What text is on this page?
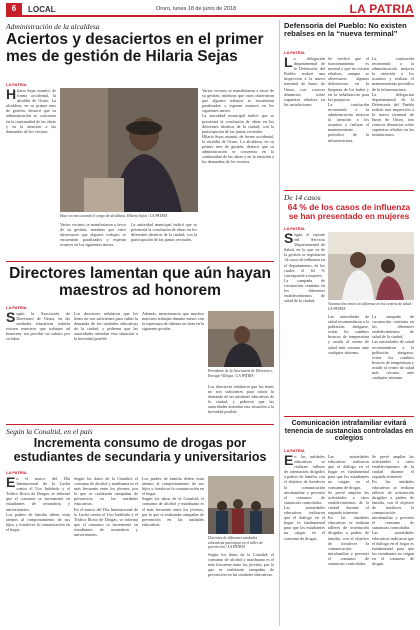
6	LOCAL	Oruro, lunes 18 de junio de 2018	LA PATRIA
Administración de la alcaldesa
Aciertos y desaciertos en el primer mes de gestión de Hilaria Sejas
LA PATRIA

Hilaria Sejas asumió, de forma accidental, la alcaldía de Oruro. La alcaldesa, en su primer mes de gestión, destacó que su administración se concentra en la continuidad de las obras y en la atención a las demandas de los vecinos.

Hace un mes asumió el cargo de alcaldesa, Hilaria Sejas / LA PATRIA

Varios vecinos se manifestaron a favor de su gestión, mientras que otros observaron que algunos trabajos se encuentran paralizados y esperan avances en los siguientes meses.

La autoridad municipal indicó que se priorizará la conclusión de obras en los diferentes distritos de la ciudad, con la participación de las juntas vecinales.

Varios vecinos se manifestaron a favor de su gestión, mientras que otros observaron que algunos trabajos se encuentran paralizados y esperan avances en los siguientes meses.

La autoridad municipal indicó que se priorizará la conclusión de obras en los diferentes distritos de la ciudad, con la participación de las juntas vecinales.

Hilaria Sejas asumió, de forma accidental, la alcaldía de Oruro. La alcaldesa, en su primer mes de gestión, destacó que su administración se concentra en la continuidad de las obras y en la atención a las demandas de los vecinos.

Directores lamentan que aún hayan maestros ad honorem
LA PATRIA

Según la Asociación de Directores de Oruro, en las unidades educativas todavía existen maestros que trabajan ad honorem, sin percibir un salario por su labor.

Los directores señalaron que los ítems no son suficientes para cubrir la demanda de las unidades educativas de la ciudad, y pidieron que las autoridades atiendan esta situación a la brevedad posible.

Además, mencionaron que muchos maestros trabajan durante meses con la esperanza de obtener un ítem en la siguiente gestión.

Presidente de la Asociación de Directores, Enrique Villegas / LA PATRIA

Los directores señalaron que los ítems no son suficientes para cubrir la demanda de las unidades educativas de la ciudad, y pidieron que las autoridades atiendan esta situación a la brevedad posible.

Según la Conaltid, en el país
Incrementa consumo de drogas por estudiantes de secundaria y universitarios
LA PATRIA

En el marco del Día Internacional de la Lucha contra el Uso Indebido y el Tráfico Ilícito de Drogas, se informó que el consumo se incrementó en estudiantes de secundaria y universitarios.

Los padres de familia deben estar atentos al comportamiento de sus hijos y fortalecer la comunicación en el hogar.

Según los datos de la Conaltid, el consumo de alcohol y marihuana es el más frecuente entre los jóvenes, por lo que se realizarán campañas de prevención en las unidades educativas.

En el marco del Día Internacional de la Lucha contra el Uso Indebido y el Tráfico Ilícito de Drogas, se informó que el consumo se incrementó en estudiantes de secundaria y universitarios.

Los padres de familia deben estar atentos al comportamiento de sus hijos y fortalecer la comunicación en el hogar.

Según los datos de la Conaltid, el consumo de alcohol y marihuana es el más frecuente entre los jóvenes, por lo que se realizarán campañas de prevención en las unidades educativas.

Docentes de diferentes unidades educativas participan en el taller de prevención / LA PATRIA

Según los datos de la Conaltid, el consumo de alcohol y marihuana es el más frecuente entre los jóvenes, por lo que se realizarán campañas de prevención en las unidades educativas.

Defensoría del Pueblo: No existen rebalses en la “nueva terminal”
LA PATRIA

La delegación departamental de la Defensoría del Pueblo realizó una inspección a la nueva terminal de buses de Oruro, tras conocer denuncias sobre supuestos rebalses en las instalaciones.

Se verificó que el funcionamiento es normal y que no existen rebalses, aunque se observaron algunas deficiencias en la limpieza de los baños y en la señalización para los pasajeros.

La institución recomendó a la administración mejorar la atención a los usuarios y realizar el mantenimiento periódico de la infraestructura.

La institución recomendó a la administración mejorar la atención a los usuarios y realizar el mantenimiento periódico de la infraestructura.

La delegación departamental de la Defensoría del Pueblo realizó una inspección a la nueva terminal de buses de Oruro, tras conocer denuncias sobre supuestos rebalses en las instalaciones.

De 14 casos
64 % de los casos de influenza se han presentado en mujeres
LA PATRIA

Según el reporte del Servicio Departamental de Salud, en lo que va de la gestión se registraron 14 casos de influenza en el departamento, de los cuales el 64 % corresponde a mujeres.

La campaña de vacunación continúa en los diferentes establecimientos de salud de la ciudad.

Vacunación contra la influenza en los centros de salud / LA PATRIA

Las autoridades de salud recomendaron a la población abrigarse, evitar los cambios bruscos de temperatura y acudir al centro de salud más cercano ante cualquier síntoma.

La campaña de vacunación continúa en los diferentes establecimientos de salud de la ciudad.

Las autoridades de salud recomendaron a la población abrigarse, evitar los cambios bruscos de temperatura y acudir al centro de salud más cercano ante cualquier síntoma.

Comunicación intrafamiliar evitará tenencia de sustancias controladas en colegios
LA PATRIA

En las unidades educativas se realizan talleres de orientación dirigidos a padres de familia, con el objetivo de fortalecer la comunicación intrafamiliar y prevenir el consumo de sustancias controladas.

Las autoridades educativas indicaron que el diálogo en el hogar es fundamental para que los estudiantes no caigan en el consumo de drogas.

Las autoridades educativas indicaron que el diálogo en el hogar es fundamental para que los estudiantes no caigan en el consumo de drogas.

Se prevé ampliar las actividades a otros establecimientos de la ciudad durante el segundo trimestre.

En las unidades educativas se realizan talleres de orientación dirigidos a padres de familia, con el objetivo de fortalecer la comunicación intrafamiliar y prevenir el consumo de sustancias controladas.

Se prevé ampliar las actividades a otros establecimientos de la ciudad durante el segundo trimestre.

En las unidades educativas se realizan talleres de orientación dirigidos a padres de familia, con el objetivo de fortalecer la comunicación intrafamiliar y prevenir el consumo de sustancias controladas.

Las autoridades educativas indicaron que el diálogo en el hogar es fundamental para que los estudiantes no caigan en el consumo de drogas.
